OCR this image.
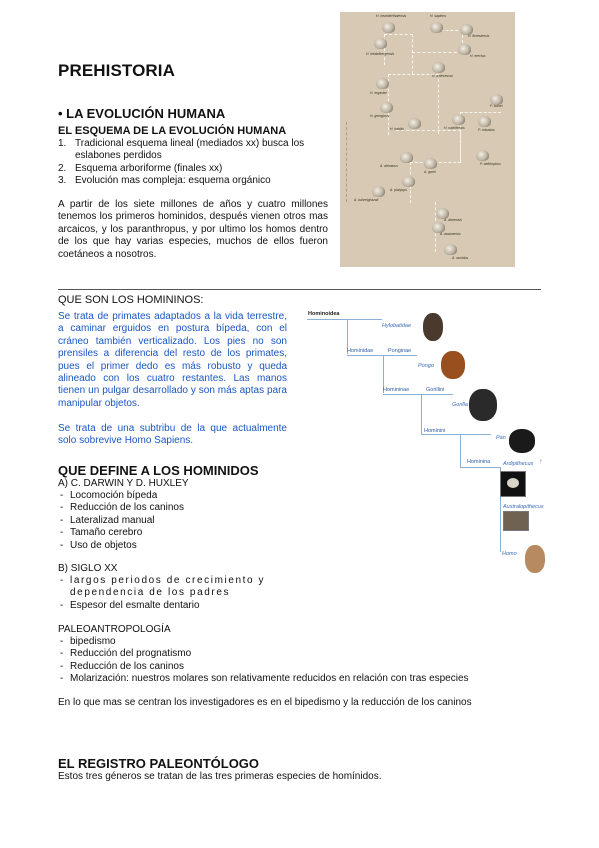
PREHISTORIA
• LA EVOLUCIÓN HUMANA
EL ESQUEMA DE LA EVOLUCIÓN HUMANA
1. Tradicional esquema lineal (mediados xx) busca los eslabones perdidos
2. Esquema arboriforme (finales xx)
3. Evolución mas compleja: esquema orgánico
A partir de los siete millones de años y cuatro millones tenemos los primeros hominidos, después vienen otros mas arcaicos, y los paranthropus, y por ultimo los homos dentro de los que hay varias especies, muchos de ellos fueron coetáneos a nosotros.
H. neanderthalensis	H. sapiens
H. floresiensis
H. heidelbergensis	H. erectus
H. antecessor
H. ergaster
P. boisei
H. georgicus
H. habilis	H. rudolfensis	P. robustus
A. africanus
A. garhi
P. aethiopicus
A. platyops
A. bahrelghazali
A. afarensis
A. anamensis
A. ramidus
QUE SON LOS HOMININOS:
Se trata de primates adaptados a la vida terrestre, a caminar erguidos en postura bípeda, con el cráneo también verticalizado. Los pies no son prensiles a diferencia del resto de los primates, pues el primer dedo es más robusto y queda alineado con los cuatro restantes. Las manos tienen un pulgar desarrollado y son más aptas para manipular objetos.
Se trata de una subtribu de la que actualmente solo sobrevive Homo Sapiens.
Hominoidea
Hylobatidae
Hominidae	Ponginae
Pongo
Homininae	Gorillini
Gorilla
Hominini
Pan
Hominina Ardipithecus †
Australopithecus
Homo
QUE DEFINE A LOS HOMINIDOS
A) C. DARWIN Y D. HUXLEY
- Locomoción bípeda
- Reducción de los caninos
- Lateralizad manual
- Tamaño cerebro
- Uso de objetos
B) SIGLO XX
- largos periodos de crecimiento y dependencia de los padres
- Espesor del esmalte dentario
PALEOANTROPOLOGÍA
- bipedismo
- Reducción del prognatismo
- Reducción de los caninos
- Molarización: nuestros molares son relativamente reducidos en relación con tras especies
En lo que mas se centran los investigadores es en el bipedismo y la reducción de los caninos
EL REGISTRO PALEONTÓLOGO
Estos tres géneros se tratan de las tres primeras especies de homínidos.
